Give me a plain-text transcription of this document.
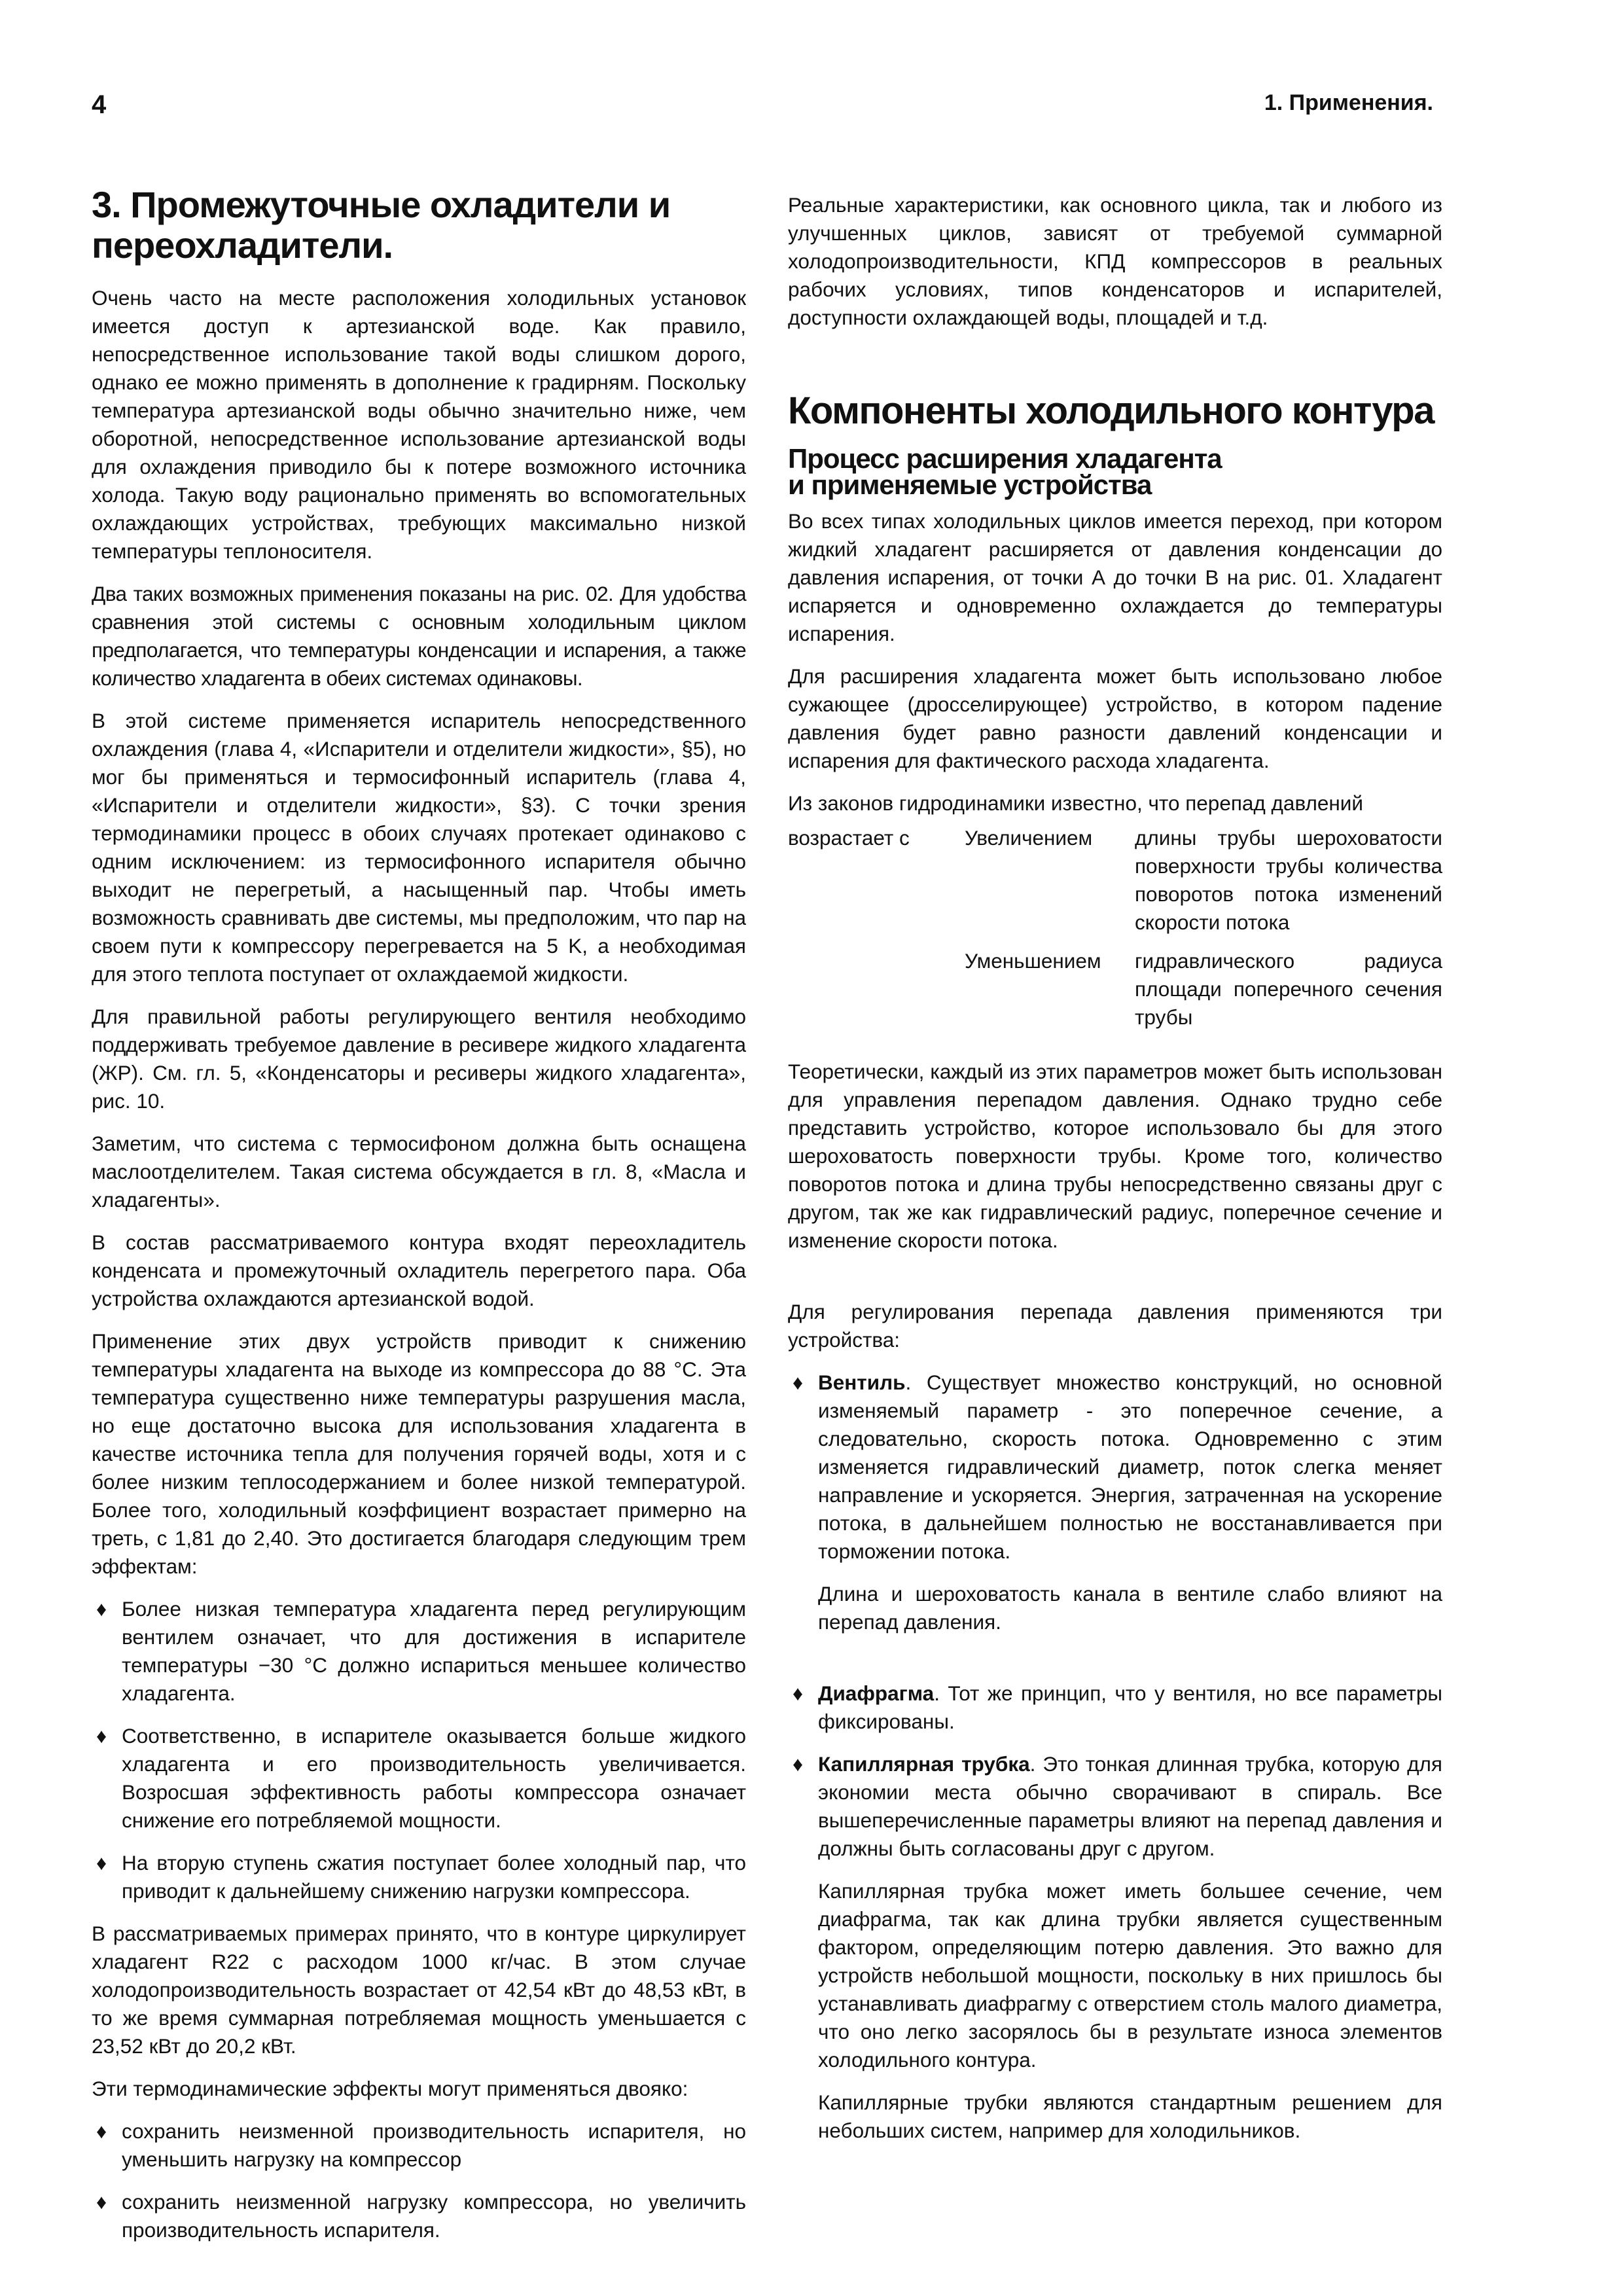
4	1. Применения.
3. Промежуточные охладители и переохладители.

Очень часто на месте расположения холодильных установок имеется доступ к артезианской воде. Как правило, непосредственное использование такой воды слишком дорого, однако ее можно применять в дополнение к градирням. Поскольку температура артезианской воды обычно значительно ниже, чем оборотной, непосредственное использование артезианской воды для охлаждения приводило бы к потере возможного источника холода. Такую воду рационально применять во вспомогательных охлаждающих устройствах, требующих максимально низкой температуры теплоносителя.

Два таких возможных применения показаны на рис. 02. Для удобства сравнения этой системы с основным холодильным циклом предполагается, что температуры конденсации и испарения, а также количество хладагента в обеих системах одинаковы.

В этой системе применяется испаритель непосредственного охлаждения (глава 4, «Испарители и отделители жидкости», §5), но мог бы применяться и термосифонный испаритель (глава 4, «Испарители и отделители жидкости», §3). С точки зрения термодинамики процесс в обоих случаях протекает одинаково с одним исключением: из термосифонного испарителя обычно выходит не перегретый, а насыщенный пар. Чтобы иметь возможность сравнивать две системы, мы предположим, что пар на своем пути к компрессору перегревается на 5 K, а необходимая для этого теплота поступает от охлаждаемой жидкости.

Для правильной работы регулирующего вентиля необходимо поддерживать требуемое давление в ресивере жидкого хладагента (ЖР). См. гл. 5, «Конденсаторы и ресиверы жидкого хладагента», рис. 10.

Заметим, что система с термосифоном должна быть оснащена маслоотделителем. Такая система обсуждается в гл. 8, «Масла и хладагенты».

В состав рассматриваемого контура входят переохладитель конденсата и промежуточный охладитель перегретого пара. Оба устройства охлаждаются артезианской водой.

Применение этих двух устройств приводит к снижению температуры хладагента на выходе из компрессора до 88 °C. Эта температура существенно ниже температуры разрушения масла, но еще достаточно высока для использования хладагента в качестве источника тепла для получения горячей воды, хотя и с более низким теплосодержанием и более низкой температурой. Более того, холодильный коэффициент возрастает примерно на треть, с 1,81 до 2,40. Это достигается благодаря следующим трем эффектам:

♦ Более низкая температура хладагента перед регулирующим вентилем означает, что для достижения в испарителе температуры −30 °C должно испариться меньшее количество хладагента.
♦ Соответственно, в испарителе оказывается больше жидкого хладагента и его производительность увеличивается. Возросшая эффективность работы компрессора означает снижение его потребляемой мощности.
♦ На вторую ступень сжатия поступает более холодный пар, что приводит к дальнейшему снижению нагрузки компрессора.

В рассматриваемых примерах принято, что в контуре циркулирует хладагент R22 с расходом 1000 кг/час. В этом случае холодопроизводительность возрастает от 42,54 кВт до 48,53 кВт, в то же время суммарная потребляемая мощность уменьшается с 23,52 кВт до 20,2 кВт.

Эти термодинамические эффекты могут применяться двояко:

♦ сохранить неизменной производительность испарителя, но уменьшить нагрузку на компрессор
♦ сохранить неизменной нагрузку компрессора, но увеличить производительность испарителя.

Реальные характеристики, как основного цикла, так и любого из улучшенных циклов, зависят от требуемой суммарной холодопроизводительности, КПД компрессоров в реальных рабочих условиях, типов конденсаторов и испарителей, доступности охлаждающей воды, площадей и т.д.

Компоненты холодильного контура
Процесс расширения хладагента
и применяемые устройства

Во всех типах холодильных циклов имеется переход, при котором жидкий хладагент расширяется от давления конденсации до давления испарения, от точки А до точки В на рис. 01. Хладагент испаряется и одновременно охлаждается до температуры испарения.

Для расширения хладагента может быть использовано любое сужающее (дросселирующее) устройство, в котором падение давления будет равно разности давлений конденсации и испарения для фактического расхода хладагента.

Из законов гидродинамики известно, что перепад давлений

возрастает с	Увеличением	длины трубы шероховатости поверхности трубы количества поворотов потока изменений скорости потока
	Уменьшением	гидравлического радиуса площади поперечного сечения трубы

Теоретически, каждый из этих параметров может быть использован для управления перепадом давления. Однако трудно себе представить устройство, которое использовало бы для этого шероховатость поверхности трубы. Кроме того, количество поворотов потока и длина трубы непосредственно связаны друг с другом, так же как гидравлический радиус, поперечное сечение и изменение скорости потока.

Для регулирования перепада давления применяются три устройства:

♦ Вентиль. Существует множество конструкций, но основной изменяемый параметр - это поперечное сечение, а следовательно, скорость потока. Одновременно с этим изменяется гидравлический диаметр, поток слегка меняет направление и ускоряется. Энергия, затраченная на ускорение потока, в дальнейшем полностью не восстанавливается при торможении потока.

Длина и шероховатость канала в вентиле слабо влияют на перепад давления.

♦ Диафрагма. Тот же принцип, что у вентиля, но все параметры фиксированы.
♦ Капиллярная трубка. Это тонкая длинная трубка, которую для экономии места обычно сворачивают в спираль. Все вышеперечисленные параметры влияют на перепад давления и должны быть согласованы друг с другом.

Капиллярная трубка может иметь большее сечение, чем диафрагма, так как длина трубки является существенным фактором, определяющим потерю давления. Это важно для устройств небольшой мощности, поскольку в них пришлось бы устанавливать диафрагму с отверстием столь малого диаметра, что оно легко засорялось бы в результате износа элементов холодильного контура.

Капиллярные трубки являются стандартным решением для небольших систем, например для холодильников.
